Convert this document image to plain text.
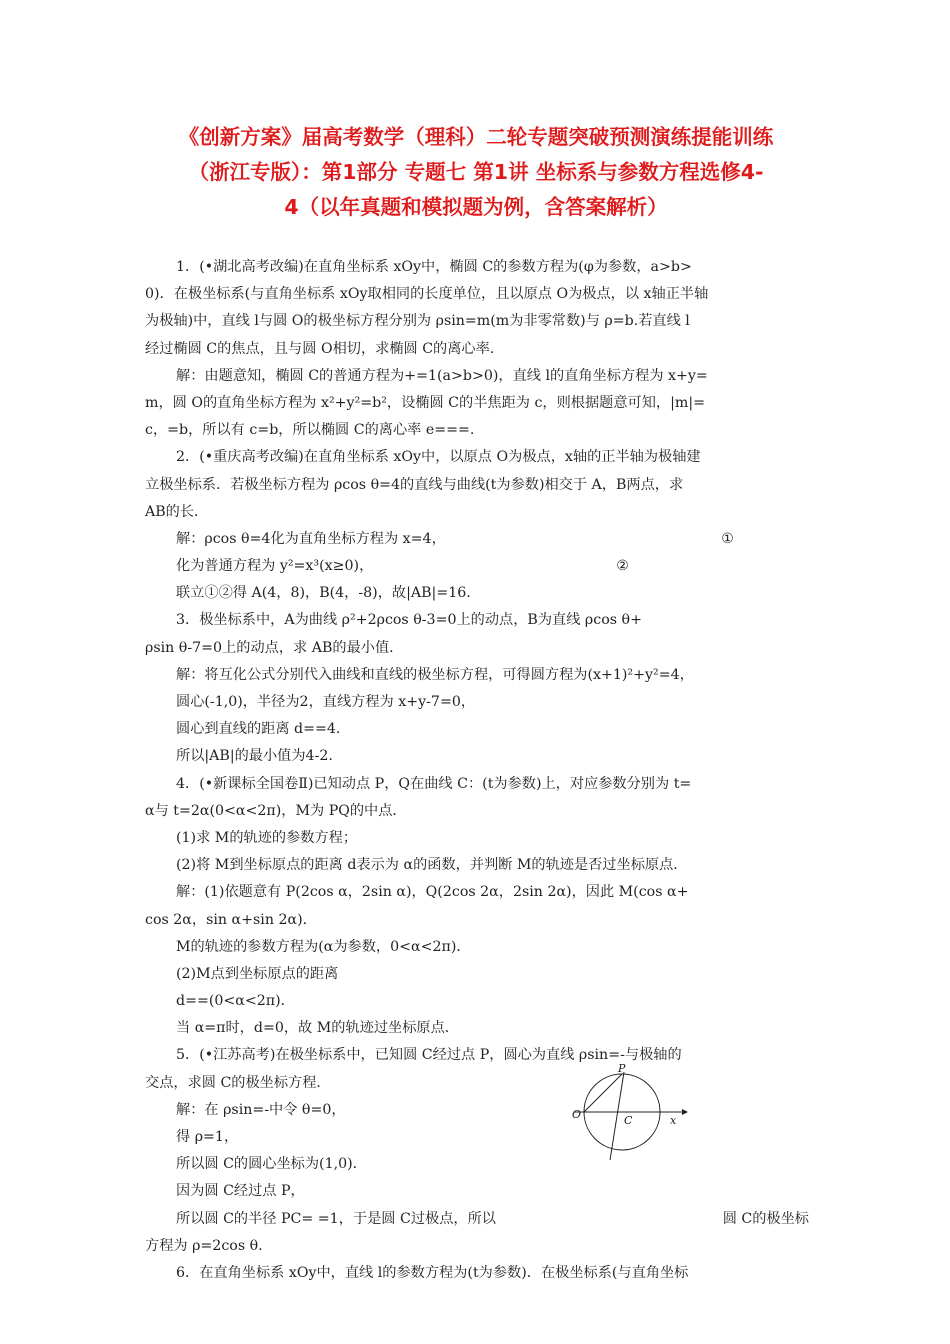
《创新方案》届高考数学（理科）二轮专题突破预测演练提能训练
（浙江专版）：第1部分 专题七 第1讲 坐标系与参数方程选修4-
4（以年真题和模拟题为例，含答案解析）
1．(•湖北高考改编)在直角坐标系 xOy中，椭圆 C的参数方程为(φ为参数，a>b>
0)．在极坐标系(与直角坐标系 xOy取相同的长度单位，且以原点 O为极点，以 x轴正半轴
为极轴)中，直线 l与圆 O的极坐标方程分别为 ρsin=m(m为非零常数)与 ρ=b.若直线 l
经过椭圆 C的焦点，且与圆 O相切，求椭圆 C的离心率.
解：由题意知，椭圆 C的普通方程为+=1(a>b>0)，直线 l的直角坐标方程为 x+y=
m，圆 O的直角坐标方程为 x²+y²=b²，设椭圆 C的半焦距为 c，则根据题意可知，|m|=
c，=b，所以有 c=b，所以椭圆 C的离心率 e===.
2．(•重庆高考改编)在直角坐标系 xOy中，以原点 O为极点，x轴的正半轴为极轴建
立极坐标系．若极坐标方程为 ρcos θ=4的直线与曲线(t为参数)相交于 A，B两点，求
AB的长．
解：ρcos θ=4化为直角坐标方程为 x=4，	①
化为普通方程为 y²=x³(x≥0)，	②
联立①②得 A(4，8)，B(4，-8)，故|AB|=16.
3．极坐标系中，A为曲线 ρ²+2ρcos θ-3=0上的动点，B为直线 ρcos θ+
ρsin θ-7=0上的动点，求 AB的最小值．
解：将互化公式分别代入曲线和直线的极坐标方程，可得圆方程为(x+1)²+y²=4，
圆心(-1,0)，半径为2，直线方程为 x+y-7=0，
圆心到直线的距离 d==4.
所以|AB|的最小值为4-2.
4．(•新课标全国卷Ⅱ)已知动点 P，Q在曲线 C：(t为参数)上，对应参数分别为 t=
α与 t=2α(0<α<2π)，M为 PQ的中点．
(1)求 M的轨迹的参数方程；
(2)将 M到坐标原点的距离 d表示为 α的函数，并判断 M的轨迹是否过坐标原点．
解：(1)依题意有 P(2cos α，2sin α)，Q(2cos 2α，2sin 2α)，因此 M(cos α+
cos 2α，sin α+sin 2α)．
M的轨迹的参数方程为(α为参数，0<α<2π)．
(2)M点到坐标原点的距离
d==(0<α<2π)．
当 α=π时，d=0，故 M的轨迹过坐标原点．
5．(•江苏高考)在极坐标系中，已知圆 C经过点 P，圆心为直线 ρsin=-与极轴的
交点，求圆 C的极坐标方程．
解：在 ρsin=-中令 θ=0，
得 ρ=1，
所以圆 C的圆心坐标为(1,0)．
因为圆 C经过点 P，
所以圆 C的半径 PC= =1，于是圆 C过极点，所以	圆 C的极坐标
方程为 ρ=2cos θ.
6．在直角坐标系 xOy中，直线 l的参数方程为(t为参数)．在极坐标系(与直角坐标
P
O	C	x
